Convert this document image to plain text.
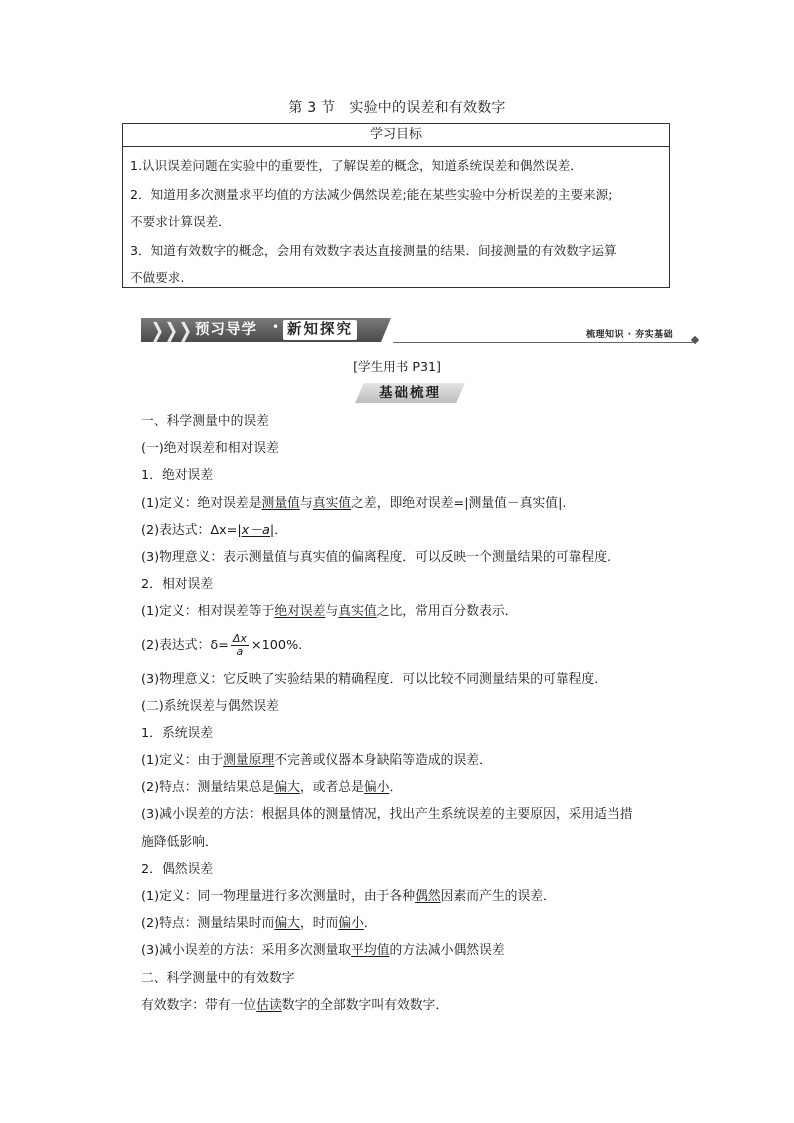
第 3 节　实验中的误差和有效数字
学习目标

1.认识误差问题在实验中的重要性，了解误差的概念，知道系统误差和偶然误差．

2．知道用多次测量求平均值的方法减少偶然误差;能在某些实验中分析误差的主要来源;

不要求计算误差．

3．知道有效数字的概念，会用有效数字表达直接测量的结果．间接测量的有效数字运算

不做要求.

❯ ❯ ❯ 预习导学 • 新知探究	梳理知识 · 夯实基础
[学生用书 P31]
基础梳理

一、科学测量中的误差

(一)绝对误差和相对误差

1．绝对误差

(1)定义：绝对误差是测量值与真实值之差，即绝对误差=|测量值－真实值|.

(2)表达式：Δx=|x－a|．

(3)物理意义：表示测量值与真实值的偏离程度．可以反映一个测量结果的可靠程度.

2．相对误差

(1)定义：相对误差等于绝对误差与真实值之比，常用百分数表示．

(2)表达式：$\delta= \frac{\Delta x}{a} \times 100\%$.

(3)物理意义：它反映了实验结果的精确程度．可以比较不同测量结果的可靠程度.

(二)系统误差与偶然误差

1．系统误差

(1)定义：由于测量原理不完善或仪器本身缺陷等造成的误差．

(2)特点：测量结果总是偏大，或者总是偏小．

(3)减小误差的方法：根据具体的测量情况，找出产生系统误差的主要原因，采用适当措

施降低影响．

2．偶然误差

(1)定义：同一物理量进行多次测量时，由于各种偶然因素而产生的误差．

(2)特点：测量结果时而偏大，时而偏小．

(3)减小误差的方法：采用多次测量取平均值的方法减小偶然误差

二、科学测量中的有效数字

有效数字：带有一位估读数字的全部数字叫有效数字．
